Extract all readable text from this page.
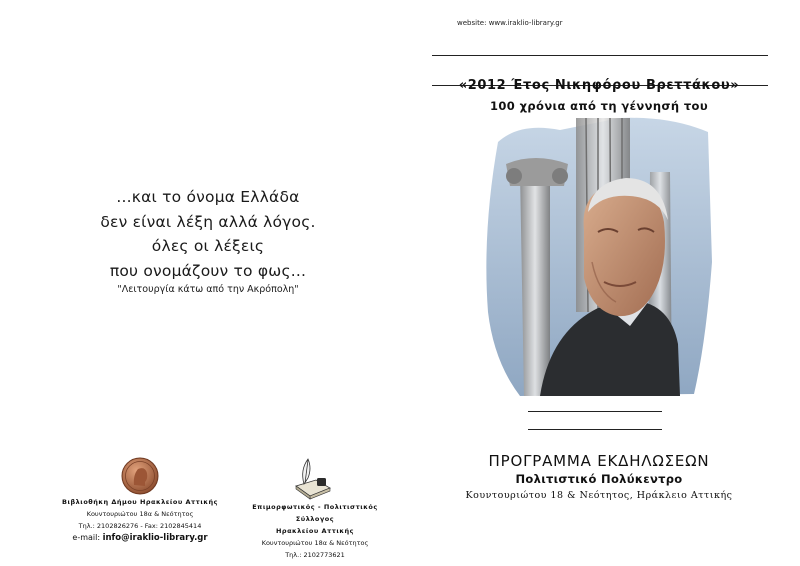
website: www.iraklio-library.gr
«2012 Έτος Νικηφόρου Βρεττάκου»
100 χρόνια από τη γέννησή του
...και το όνομα Ελλάδα
δεν είναι λέξη αλλά λόγος.
όλες οι λέξεις
που ονομάζουν το φως...
"Λειτουργία κάτω από την Ακρόπολη"
ΠΡΟΓΡΑΜΜΑ ΕΚΔΗΛΩΣΕΩΝ
Πολιτιστικό Πολύκεντρο
Κουντουριώτου 18 & Νεότητος, Ηράκλειο Αττικής
Βιβλιοθήκη Δήμου Ηρακλείου Αττικής
Κουντουριώτου 18α & Νεότητος
Τηλ.: 2102826276 - Fax: 2102845414
e-mail: info@iraklio-library.gr
Επιμορφωτικός - Πολιτιστικός Σύλλογος
Ηρακλείου Αττικής
Κουντουριώτου 18α & Νεότητος
Τηλ.: 2102773621
